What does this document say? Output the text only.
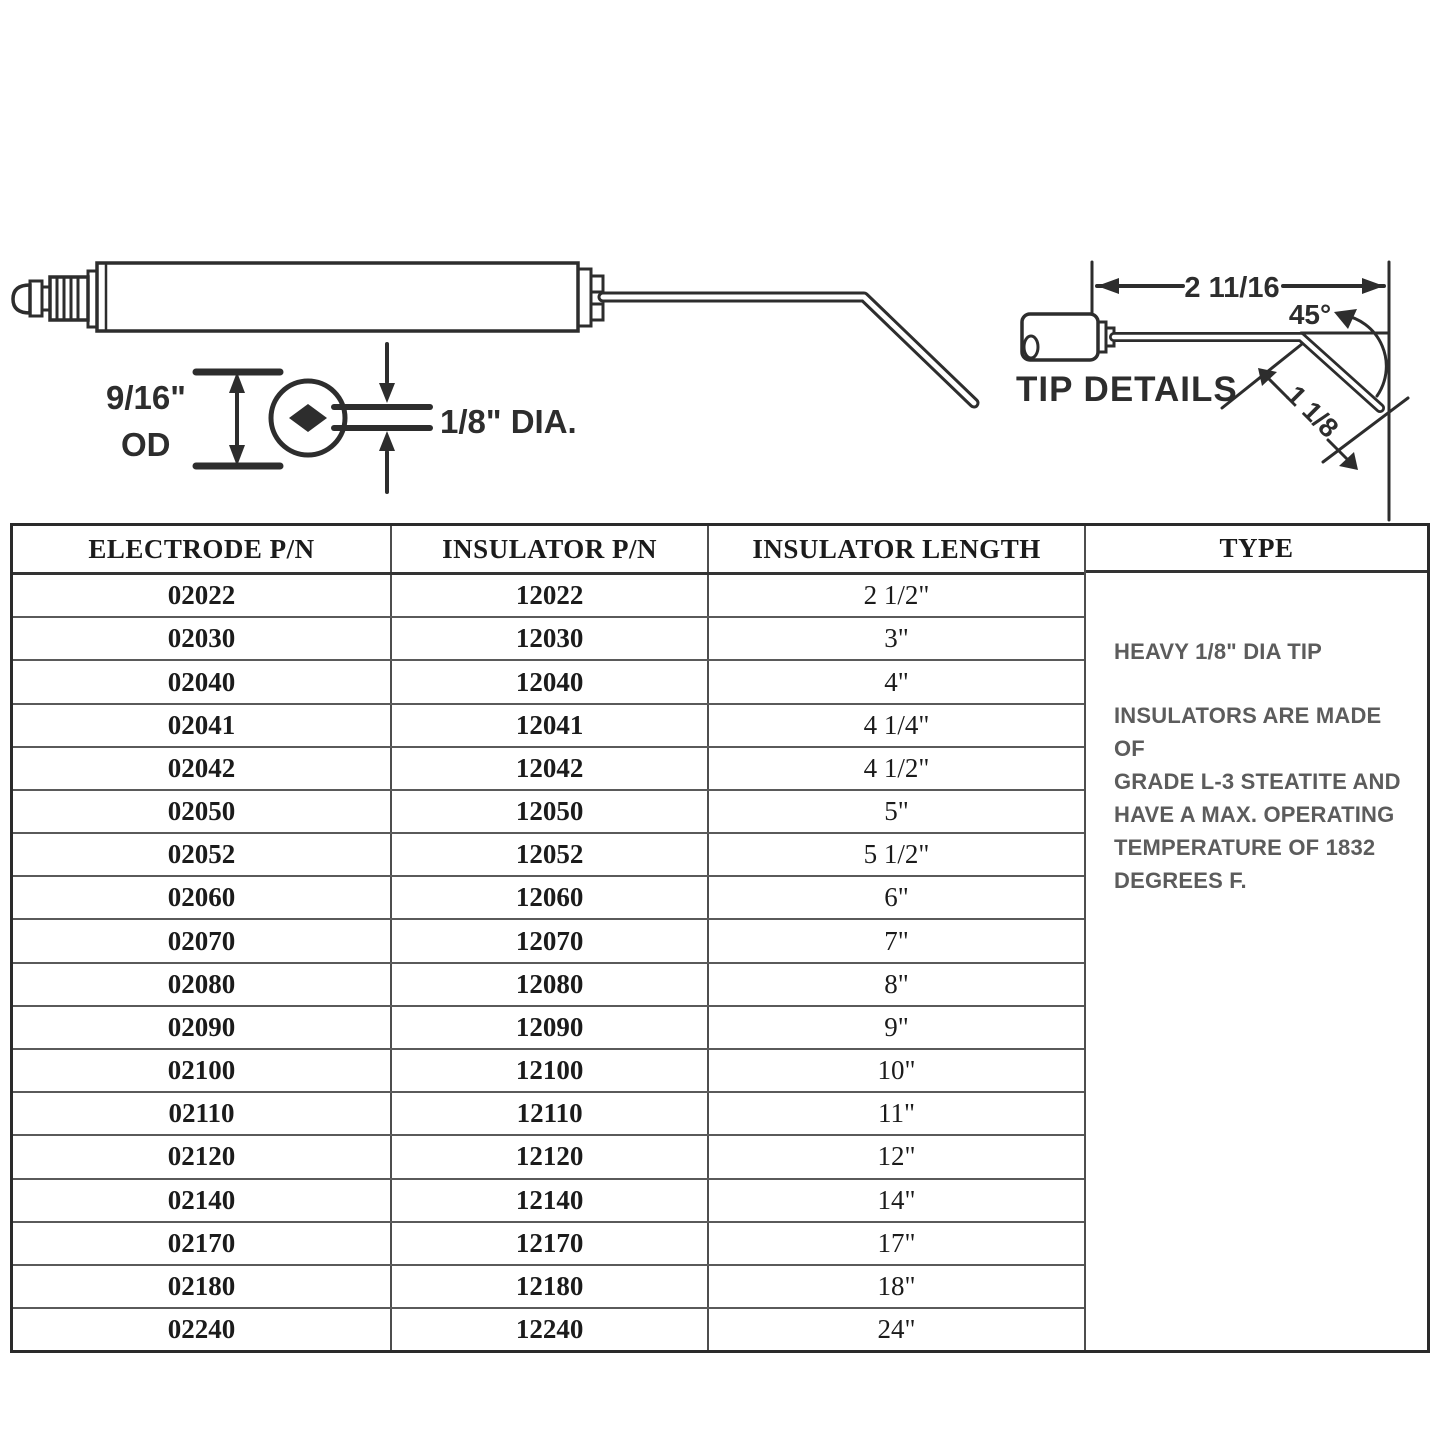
9/16"
OD
1/8" DIA.
2 11/16
45°
TIP DETAILS 1 1/8
ELECTRODE P/N	INSULATOR P/N	INSULATOR LENGTH
02022	12022	2 1/2"
02030	12030	3"
02040	12040	4"
02041	12041	4 1/4"
02042	12042	4 1/2"
02050	12050	5"
02052	12052	5 1/2"
02060	12060	6"
02070	12070	7"
02080	12080	8"
02090	12090	9"
02100	12100	10"
02110	12110	11"
02120	12120	12"
02140	12140	14"
02170	12170	17"
02180	12180	18"
02240	12240	24"
TYPE
HEAVY 1/8" DIA TIP
INSULATORS ARE MADE OF
GRADE L-3 STEATITE AND
HAVE A MAX. OPERATING
TEMPERATURE OF 1832
DEGREES F.
